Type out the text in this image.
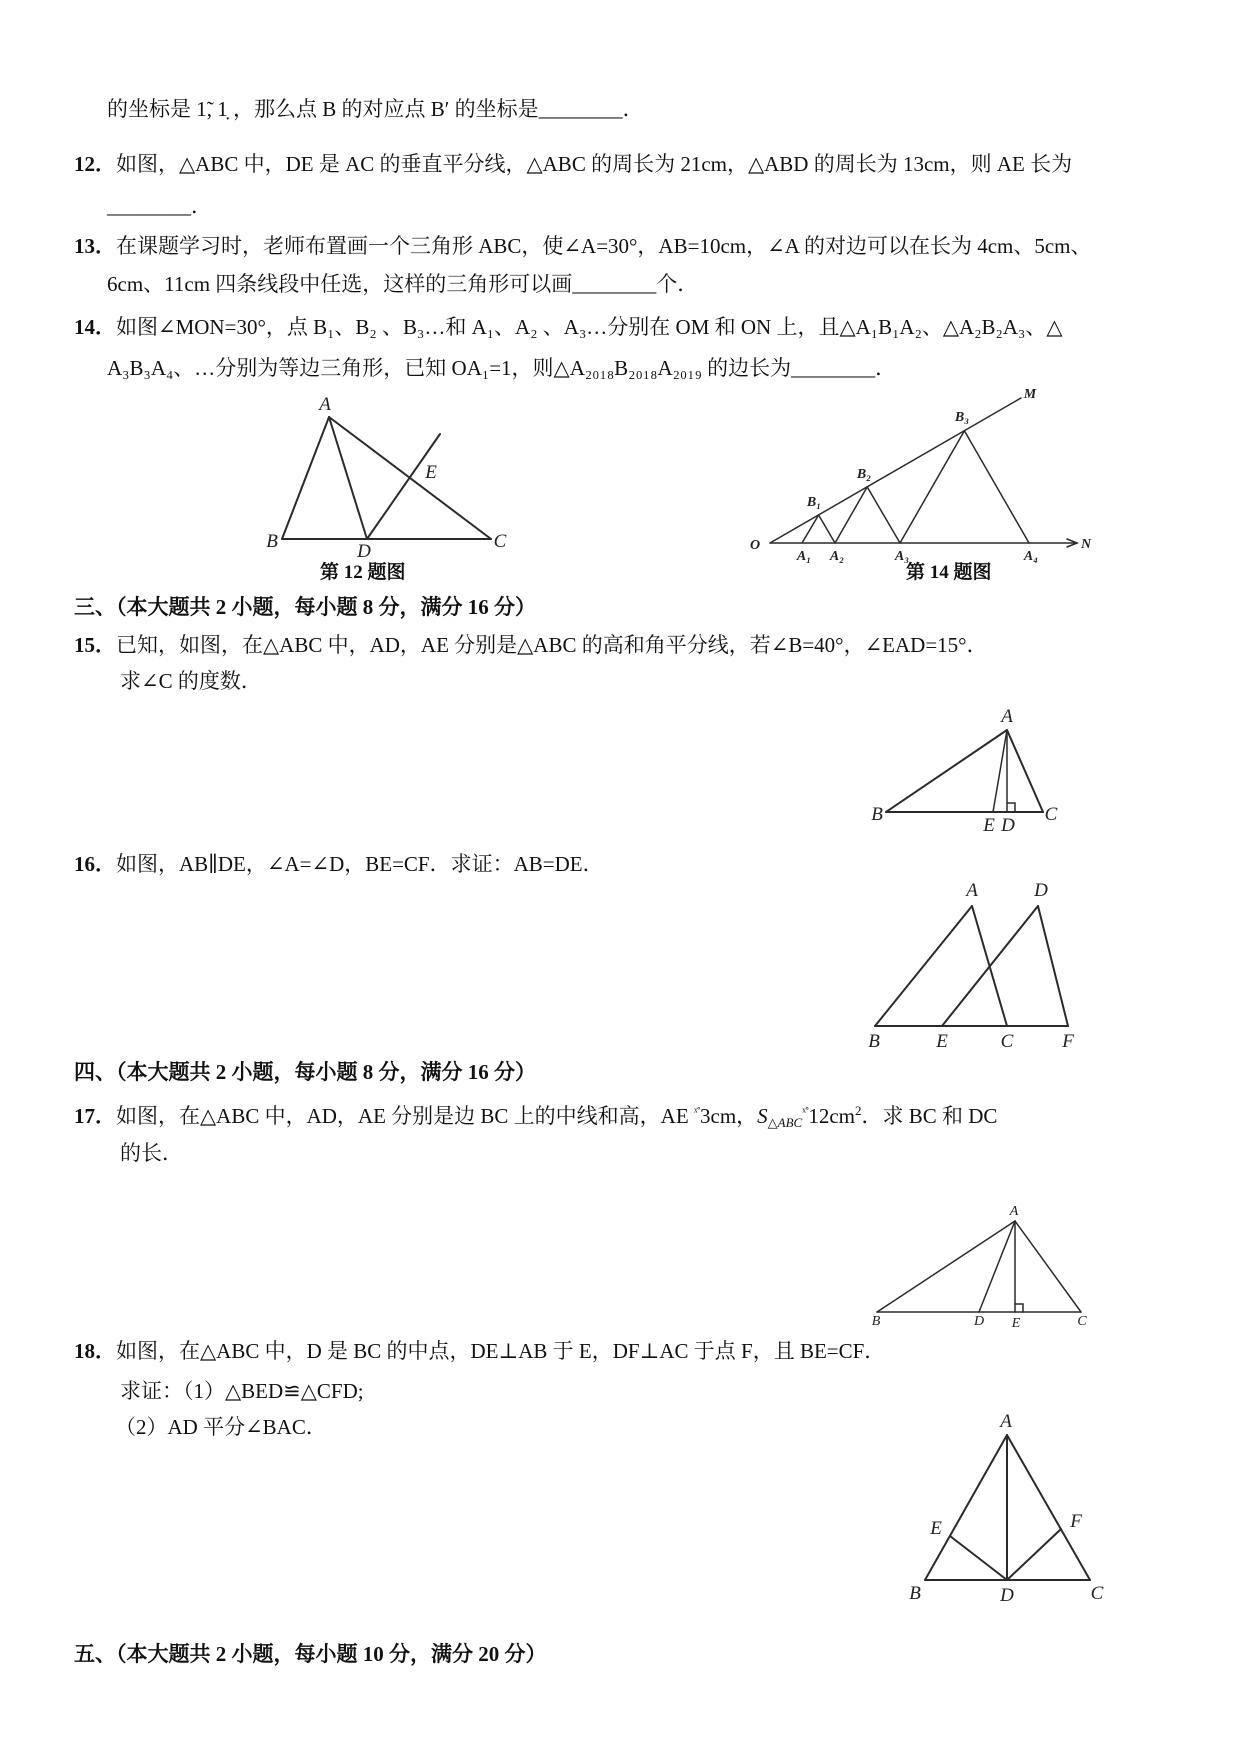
的坐标是 1̃, 1̣ ，那么点 B 的对应点 B′ 的坐标是________．
12．如图，△ABC 中，DE 是 AC 的垂直平分线，△ABC 的周长为 21cm，△ABD 的周长为 13cm，则 AE 长为
________．
13．在课题学习时，老师布置画一个三角形 ABC，使∠A=30°，AB=10cm，∠A 的对边可以在长为 4cm、5cm、
6cm、11cm 四条线段中任选，这样的三角形可以画________个．
14．如图∠MON=30°，点 B₁、B₂ 、B₃…和 A₁、A₂ 、A₃…分别在 OM 和 ON 上，且△A₁B₁A₂、△A₂B₂A₃、△
A₃B₃A₄、…分别为等边三角形，已知 OA₁=1，则△A₂₀₁₈B₂₀₁₈A₂₀₁₉ 的边长为________．
第 12 题图	第 14 题图
三、（本大题共 2 小题，每小题 8 分，满分 16 分）
15．已知，如图，在△ABC 中，AD，AE 分别是△ABC 的高和角平分线，若∠B=40°，∠EAD=15°．
求∠C 的度数．
16．如图，AB∥DE，∠A=∠D，BE=CF．求证：AB=DE．
四、（本大题共 2 小题，每小题 8 分，满分 16 分）
17．如图，在△ABC 中，AD，AE 分别是边 BC 上的中线和高，AE $^{ˣ˚}$3cm，$S_{\triangle ABC}^{ˣ˚}12cm^2$．求 BC 和 DC
的长．
18．如图，在△ABC 中，D 是 BC 的中点，DE⊥AB 于 E，DF⊥AC 于点 F，且 BE=CF．
求证：（1）△BED≌△CFD;
（2）AD 平分∠BAC．
五、（本大题共 2 小题，每小题 10 分，满分 20 分）
A
B	C
D
E
O
M
N
B₁
B₂
B₃
A₁ A₂	A₃	A₄
A
B	C
E D
A	D
B	E	C	F
A
B	D E	C
A
E	F
B	D	C
